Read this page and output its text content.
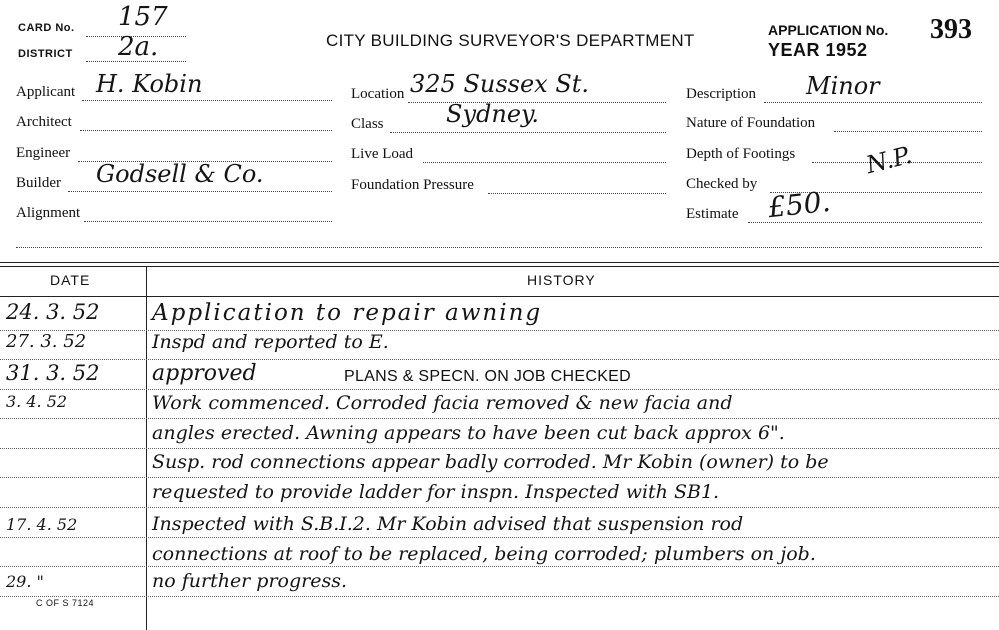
CARD No. 157
DISTRICT 2a.	CITY BUILDING SURVEYOR'S DEPARTMENT
APPLICATION No. 393
YEAR 1952
Applicant H. Kobin
Architect
Engineer
Builder Godsell & Co.
Alignment
Location 325 Sussex St.
Class	Sydney.
Live Load
Foundation Pressure
Description Minor
Nature of Foundation
Depth of Footings	N.P.
Checked by
Estimate £50.
DATE	HISTORY
24. 3. 52	Application to repair awning
27. 3. 52	Inspd and reported to E.
31. 3. 52	approved	PLANS & SPECN. ON JOB CHECKED
3. 4. 52	Work commenced. Corroded facia removed & new facia and
angles erected. Awning appears to have been cut back approx 6".
Susp. rod connections appear badly corroded. Mr Kobin (owner) to be
requested to provide ladder for inspn. Inspected with SB1.
17. 4. 52	Inspected with S.B.I.2. Mr Kobin advised that suspension rod
connections at roof to be replaced, being corroded; plumbers on job.
29. "	no further progress.
C OF S 7124
